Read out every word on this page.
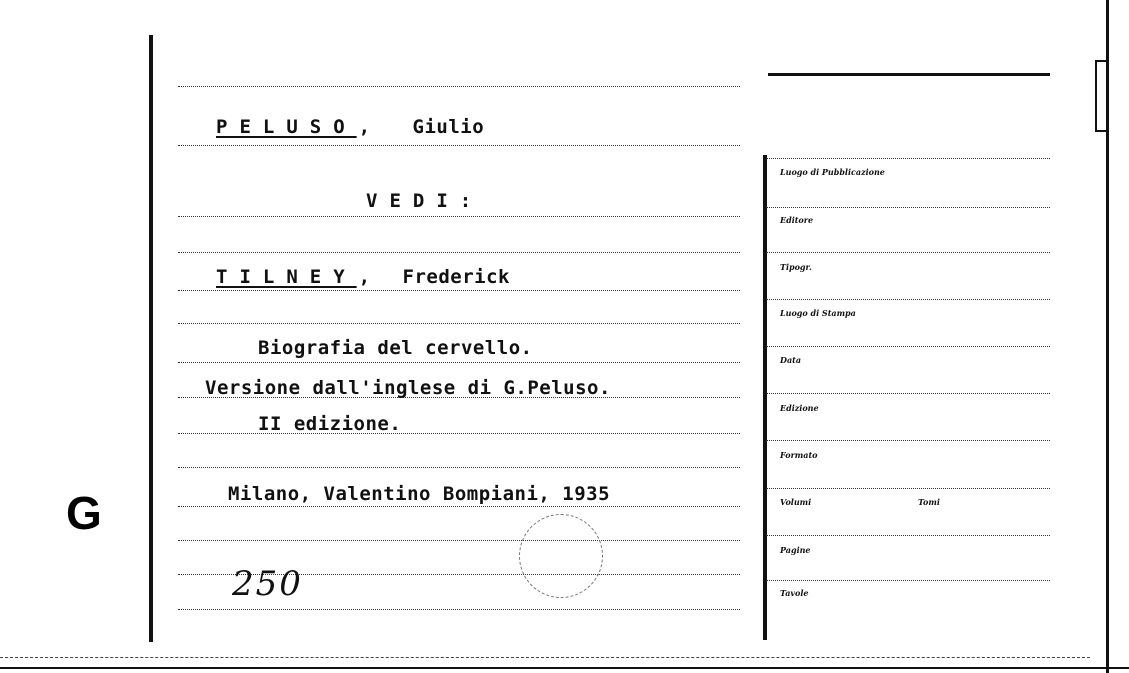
G
PELUSO , Giulio
VEDI:
TILNEY , Frederick
Biografia del cervello.
Versione dall'inglese di G.Peluso.
II edizione.
Milano, Valentino Bompiani, 1935
250
Luogo di Pubblicazione
Editore
Tipogr.
Luogo di Stampa
Data
Edizione
Formato
Volumi	Tomi
Pagine
Tavole
